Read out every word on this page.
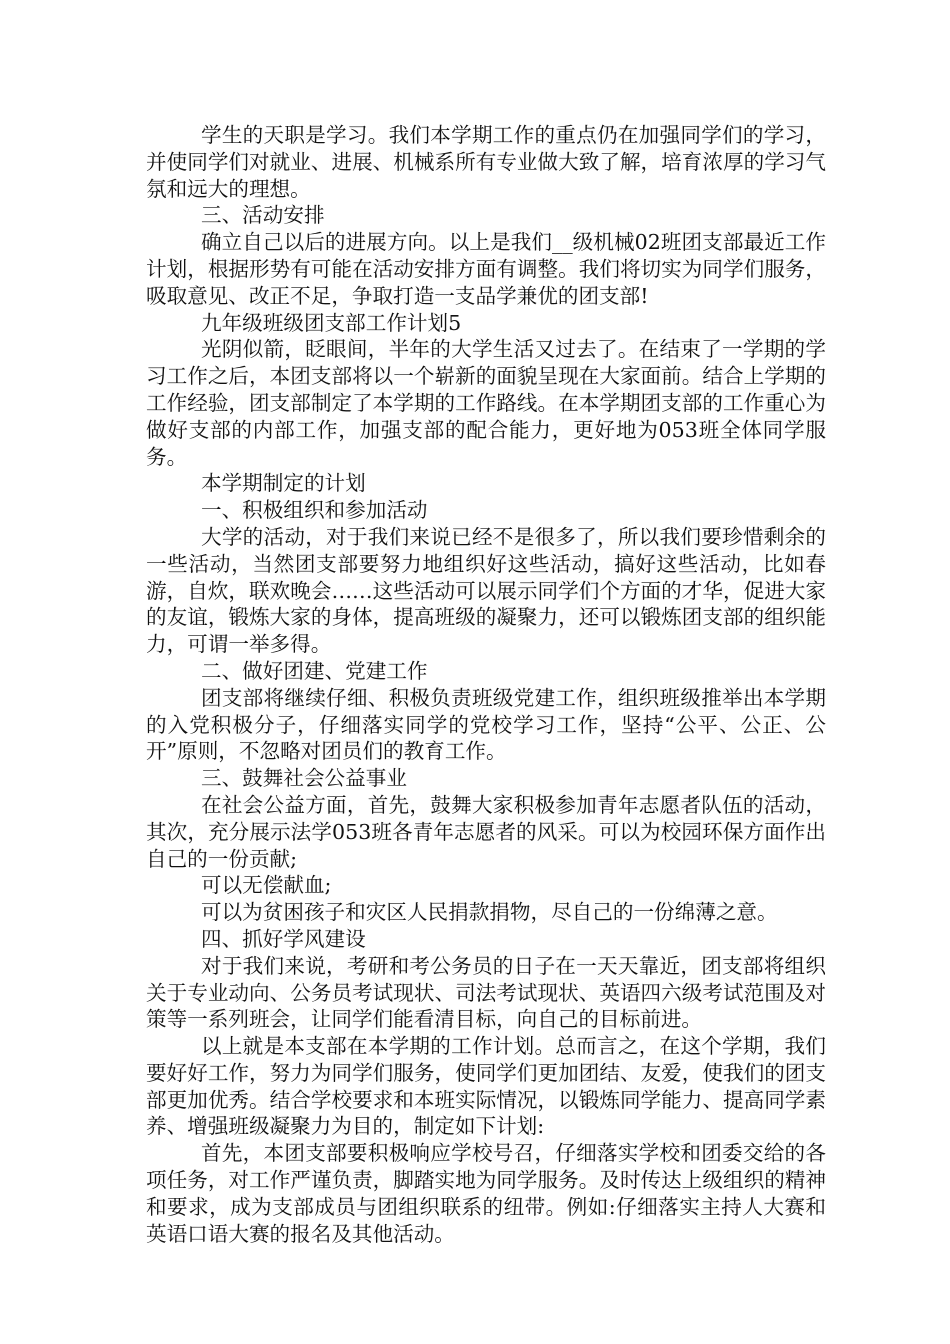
学生的天职是学习。我们本学期工作的重点仍在加强同学们的学习，并使同学们对就业、进展、机械系所有专业做大致了解，培育浓厚的学习气氛和远大的理想。

三、活动安排

确立自己以后的进展方向。以上是我们__级机械02班团支部最近工作计划，根据形势有可能在活动安排方面有调整。我们将切实为同学们服务，吸取意见、改正不足，争取打造一支品学兼优的团支部!

九年级班级团支部工作计划5

光阴似箭，眨眼间，半年的大学生活又过去了。在结束了一学期的学习工作之后，本团支部将以一个崭新的面貌呈现在大家面前。结合上学期的工作经验，团支部制定了本学期的工作路线。在本学期团支部的工作重心为做好支部的内部工作，加强支部的配合能力，更好地为053班全体同学服务。

本学期制定的计划

一、积极组织和参加活动

大学的活动，对于我们来说已经不是很多了，所以我们要珍惜剩余的一些活动，当然团支部要努力地组织好这些活动，搞好这些活动，比如春游，自炊，联欢晚会……这些活动可以展示同学们个方面的才华，促进大家的友谊，锻炼大家的身体，提高班级的凝聚力，还可以锻炼团支部的组织能力，可谓一举多得。

二、做好团建、党建工作

团支部将继续仔细、积极负责班级党建工作，组织班级推举出本学期的入党积极分子，仔细落实同学的党校学习工作，坚持“公平、公正、公开”原则，不忽略对团员们的教育工作。

三、鼓舞社会公益事业

在社会公益方面，首先，鼓舞大家积极参加青年志愿者队伍的活动，其次，充分展示法学053班各青年志愿者的风采。可以为校园环保方面作出自己的一份贡献;

可以无偿献血;

可以为贫困孩子和灾区人民捐款捐物，尽自己的一份绵薄之意。

四、抓好学风建设

对于我们来说，考研和考公务员的日子在一天天靠近，团支部将组织关于专业动向、公务员考试现状、司法考试现状、英语四六级考试范围及对策等一系列班会，让同学们能看清目标，向自己的目标前进。

以上就是本支部在本学期的工作计划。总而言之，在这个学期，我们要好好工作，努力为同学们服务，使同学们更加团结、友爱，使我们的团支部更加优秀。结合学校要求和本班实际情况，以锻炼同学能力、提高同学素养、增强班级凝聚力为目的，制定如下计划:

首先，本团支部要积极响应学校号召，仔细落实学校和团委交给的各项任务，对工作严谨负责，脚踏实地为同学服务。及时传达上级组织的精神和要求，成为支部成员与团组织联系的纽带。例如:仔细落实主持人大赛和英语口语大赛的报名及其他活动。
